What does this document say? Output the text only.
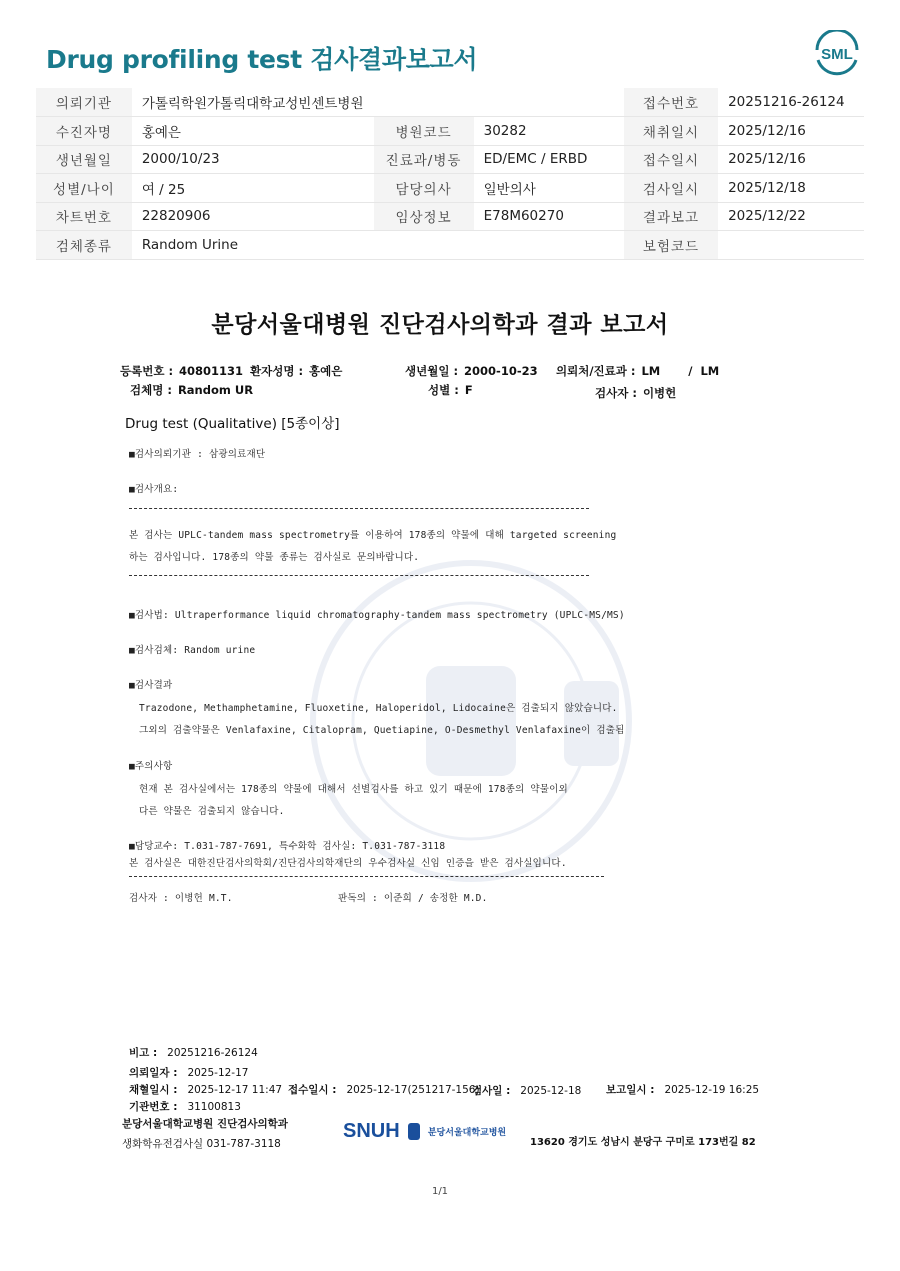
Drug profiling test 검사결과보고서	SML
의뢰기관	가톨릭학원가톨릭대학교성빈센트병원			접수번호	20251216-26124
수진자명	홍예은	병원코드	30282	채취일시	2025/12/16
생년월일	2000/10/23	진료과/병동	ED/EMC / ERBD	접수일시	2025/12/16
성별/나이	여 / 25	담당의사	일반의사	검사일시	2025/12/18
차트번호	22820906	임상정보	E78M60270	결과보고	2025/12/22
검체종류	Random Urine			보험코드	
분당서울대병원 진단검사의학과 결과 보고서
등록번호 : 40801131 환자성명 : 홍예은	생년월일 : 2000-10-23 의뢰처/진료과 : LM / LM
검체명 : Random UR	성별 : F	검사자 : 이병헌
Drug test (Qualitative) [5종이상]
■검사의뢰기관 : 삼광의료재단
■검사개요:
본 검사는 UPLC-tandem mass spectrometry를 이용하여 178종의 약물에 대해 targeted screening
하는 검사입니다. 178종의 약물 종류는 검사실로 문의바랍니다.
■검사법: Ultraperformance liquid chromatography-tandem mass spectrometry (UPLC-MS/MS)
■검사검체: Random urine
■검사결과
Trazodone, Methamphetamine, Fluoxetine, Haloperidol, Lidocaine은 검출되지 않았습니다.
그외의 검출약물은 Venlafaxine, Citalopram, Quetiapine, O-Desmethyl Venlafaxine이 검출됨
■주의사항
현재 본 검사실에서는 178종의 약물에 대해서 선별검사를 하고 있기 때문에 178종의 약물이외
다른 약물은 검출되지 않습니다.
■담당교수: T.031-787-7691, 특수화학 검사실: T.031-787-3118
본 검사실은 대한진단검사의학회/진단검사의학재단의 우수검사실 신임 인증을 받은 검사실입니다.
검사자 : 이병헌 M.T.	판독의 : 이준희 / 송정한 M.D.
비고 : 20251216-26124
의뢰일자 : 2025-12-17
채혈일시 : 2025-12-17 11:47 접수일시 : 2025-12-17(251217-156)
검사일 : 2025-12-18 보고일시 : 2025-12-19 16:25
기관번호 : 31100813
분당서울대학교병원 진단검사의학과
생화학유전검사실 031-787-3118
SNUH	분당서울대학교병원
13620 경기도 성남시 분당구 구미로 173번길 82
1/1
